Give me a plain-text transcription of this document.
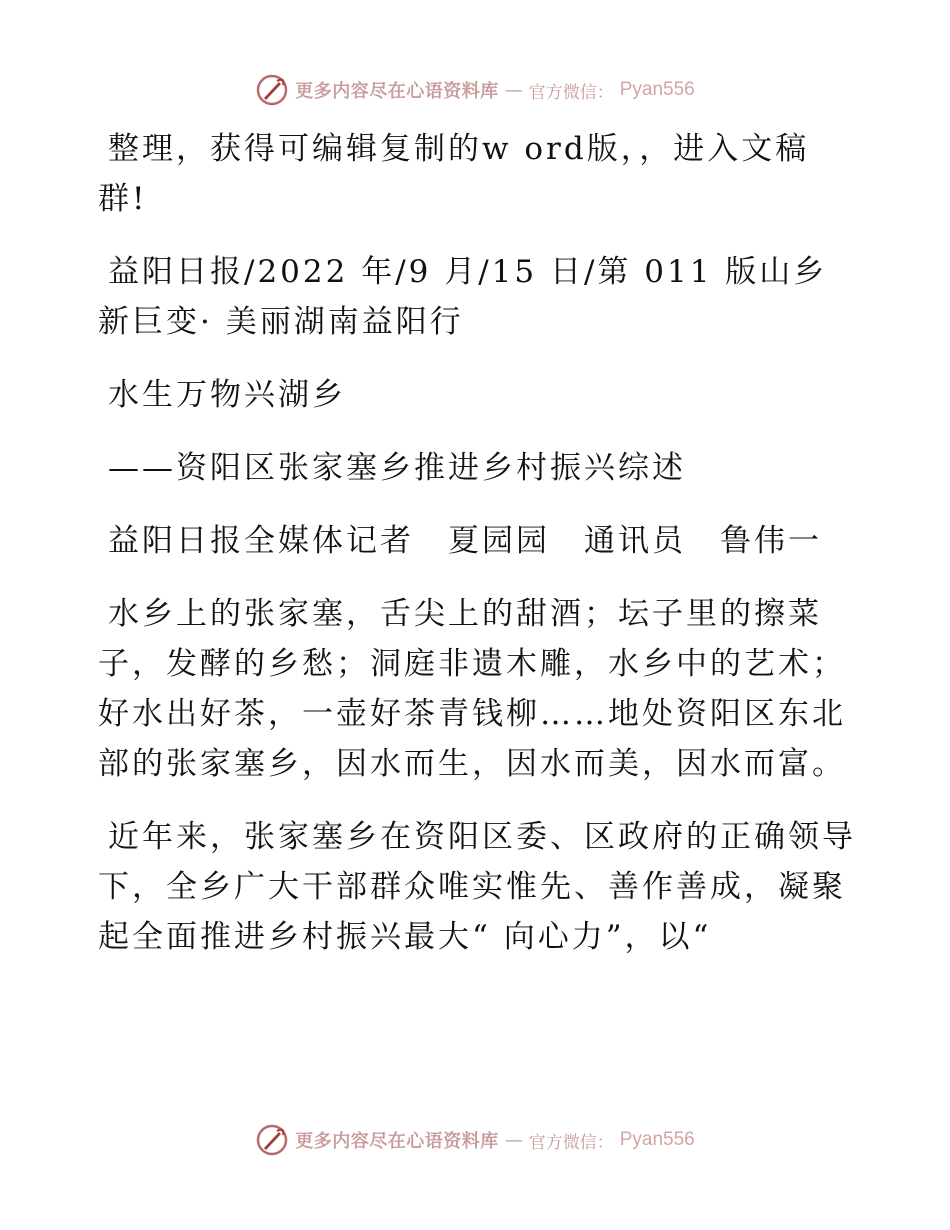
更多内容尽在心语资料库 — 官方微信： Pyan556

整理，获得可编辑复制的w ord版，，进入文稿群!

益阳日报/2022 年/9 月/15 日/第 011 版山乡新巨变· 美丽湖南益阳行

水生万物兴湖乡

——资阳区张家塞乡推进乡村振兴综述

益阳日报全媒体记者　夏园园　通讯员　鲁伟一

水乡上的张家塞，舌尖上的甜酒；坛子里的擦菜子，发酵的乡愁；洞庭非遗木雕，水乡中的艺术；好水出好茶，一壶好茶青钱柳……地处资阳区东北部的张家塞乡，因水而生，因水而美，因水而富。

近年来，张家塞乡在资阳区委、区政府的正确领导下，全乡广大干部群众唯实惟先、善作善成，凝聚起全面推进乡村振兴最大“ 向心力”，以“

更多内容尽在心语资料库 — 官方微信： Pyan556
